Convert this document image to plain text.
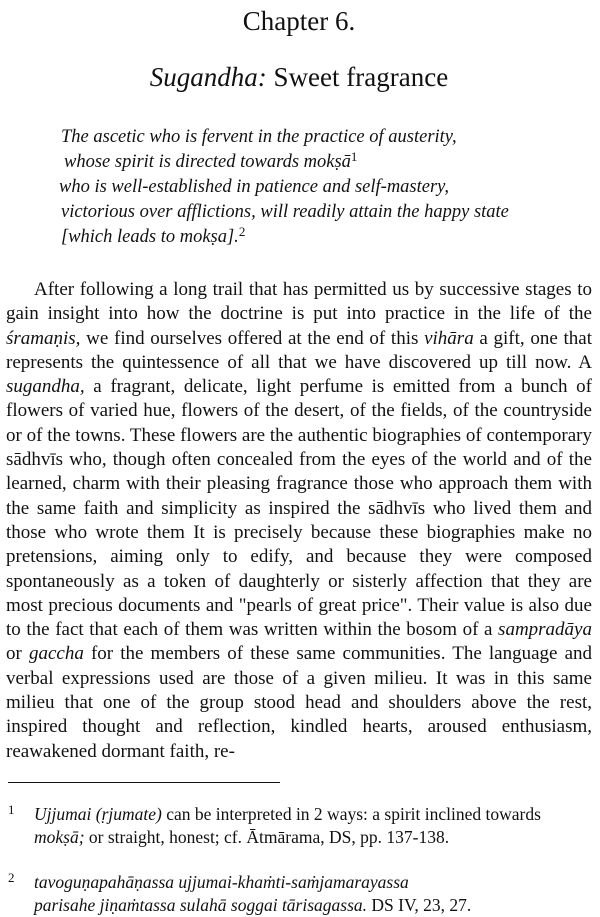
Chapter 6.
Sugandha: Sweet fragrance
The ascetic who is fervent in the practice of austerity,
whose spirit is directed towards mokṣā$^1$
who is well-established in patience and self-mastery,
victorious over afflictions, will readily attain the happy state
[which leads to mokṣa].$^2$

After following a long trail that has permitted us by successive stages to gain insight into how the doctrine is put into practice in the life of the śramaṇis, we find ourselves offered at the end of this vihāra a gift, one that represents the quintessence of all that we have discovered up till now. A sugandha, a fragrant, delicate, light perfume is emitted from a bunch of flowers of varied hue, flowers of the desert, of the fields, of the countryside or of the towns. These flowers are the authentic biographies of contemporary sādhvīs who, though often concealed from the eyes of the world and of the learned, charm with their pleasing fragrance those who approach them with the same faith and simplicity as inspired the sādhvīs who lived them and those who wrote them It is precisely because these biographies make no pretensions, aiming only to edify, and because they were composed spontaneously as a token of daughterly or sisterly affection that they are most precious documents and "pearls of great price". Their value is also due to the fact that each of them was written within the bosom of a sampradāya or gaccha for the members of these same communities. The language and verbal expressions used are those of a given milieu. It was in this same milieu that one of the group stood head and shoulders above the rest, inspired thought and reflection, kindled hearts, aroused enthusiasm, reawakened dormant faith, re-

1 Ujjumai (ṛjumate) can be interpreted in 2 ways: a spirit inclined towards mokṣā; or straight, honest; cf. Ātmārama, DS, pp. 137-138.
2 tavoguṇapahāṇassa ujjumai-khaṁti-saṁjamarayassa
parisahe jiṇaṁtassa sulahā soggai tārisagassa. DS IV, 23, 27.
